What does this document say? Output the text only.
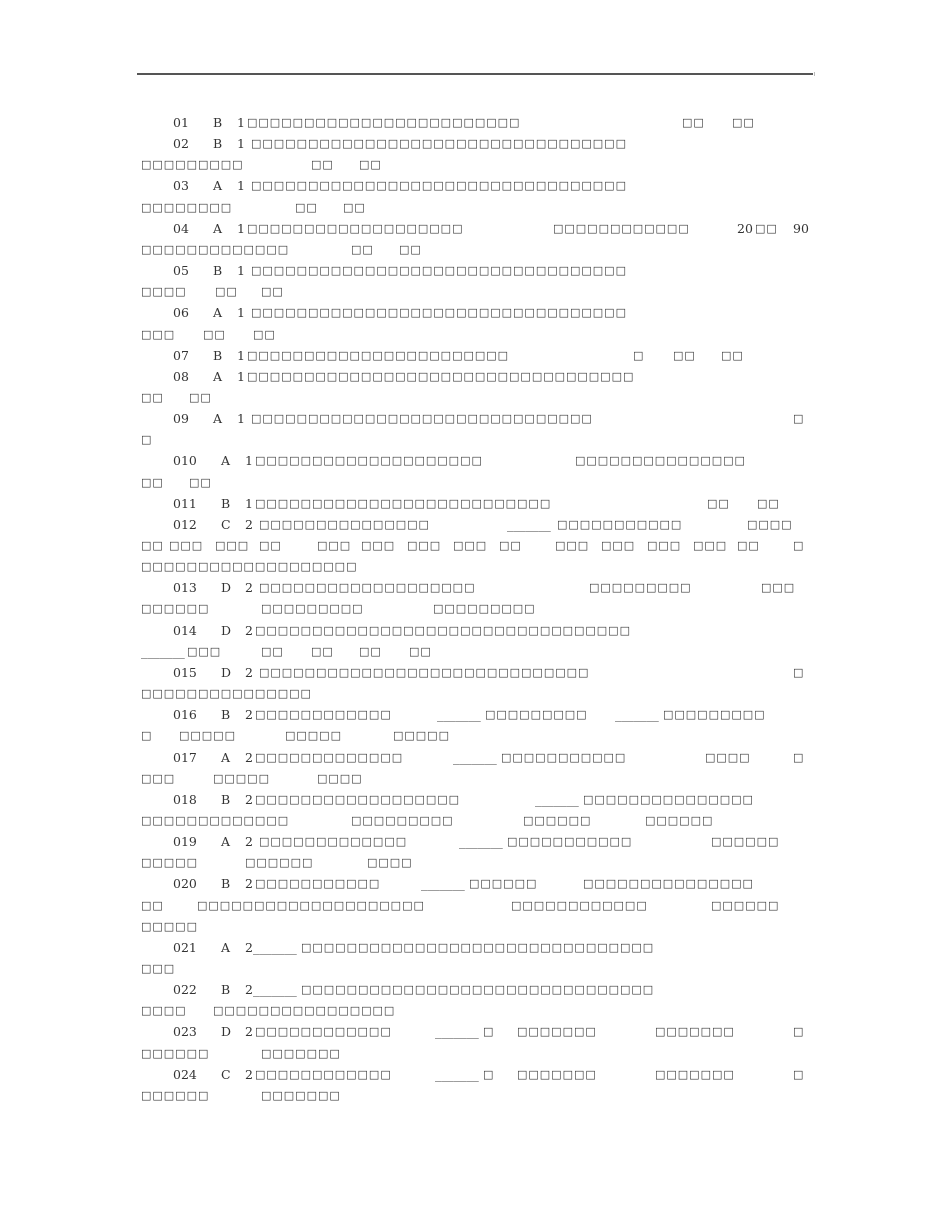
01 B 1 □□□□□□□□□□□□□□□□□□□□□□□□	□□ □□
02 B 1 □□□□□□□□□□□□□□□□□□□□□□□□□□□□□□□□□
□□□□□□□□□	□□ □□
03 A 1 □□□□□□□□□□□□□□□□□□□□□□□□□□□□□□□□□
□□□□□□□□	□□ □□
04 A 1 □□□□□□□□□□□□□□□□□□□	□□□□□□□□□□□□	20 □□ 90
□□□□□□□□□□□□□	□□ □□
05 B 1 □□□□□□□□□□□□□□□□□□□□□□□□□□□□□□□□□
□□□□	□□ □□
06 A 1 □□□□□□□□□□□□□□□□□□□□□□□□□□□□□□□□□
□□□	□□ □□
07 B 1 □□□□□□□□□□□□□□□□□□□□□□□	□	□□ □□
08 A 1 □□□□□□□□□□□□□□□□□□□□□□□□□□□□□□□□□□
□□ □□
09 A 1 □□□□□□□□□□□□□□□□□□□□□□□□□□□□□□	□
□
010 A 1 □□□□□□□□□□□□□□□□□□□□	□□□□□□□□□□□□□□□
□□ □□
011 B 1 □□□□□□□□□□□□□□□□□□□□□□□□□□	□□ □□
012 C 2 □□□□□□□□□□□□□□□	_______ □□□□□□□□□□□	□□□□
□□ □□□ □□□ □□	□□□ □□□ □□□ □□□ □□	□□□ □□□ □□□ □□□ □□	□
□□□□□□□□□□□□□□□□□□□
013 D 2 □□□□□□□□□□□□□□□□□□□	□□□□□□□□□	□□□
□□□□□□	□□□□□□□□□	□□□□□□□□□
014 D 2 □□□□□□□□□□□□□□□□□□□□□□□□□□□□□□□□□
_______ □□□	□□ □□ □□ □□
015 D 2 □□□□□□□□□□□□□□□□□□□□□□□□□□□□□	□
□□□□□□□□□□□□□□□
016 B 2 □□□□□□□□□□□□	_______ □□□□□□□□□ _______ □□□□□□□□□
□ □□□□□	□□□□□	□□□□□
017 A 2 □□□□□□□□□□□□□	_______ □□□□□□□□□□□	□□□□	□
□□□	□□□□□	□□□□
018 B 2 □□□□□□□□□□□□□□□□□□	_______ □□□□□□□□□□□□□□□
□□□□□□□□□□□□□	□□□□□□□□□	□□□□□□	□□□□□□
019 A 2 □□□□□□□□□□□□□	_______ □□□□□□□□□□□	□□□□□□
□□□□□	□□□□□□	□□□□
020 B 2 □□□□□□□□□□□	_______ □□□□□□	□□□□□□□□□□□□□□□
□□	□□□□□□□□□□□□□□□□□□□□	□□□□□□□□□□□□	□□□□□□
□□□□□
021 A 2 _______ □□□□□□□□□□□□□□□□□□□□□□□□□□□□□□□
□□□
022 B 2 _______ □□□□□□□□□□□□□□□□□□□□□□□□□□□□□□□
□□□□ □□□□□□□□□□□□□□□□
023 D 2 □□□□□□□□□□□□	_______ □ □□□□□□□	□□□□□□□	□
□□□□□□	□□□□□□□
024 C 2 □□□□□□□□□□□□	_______ □ □□□□□□□	□□□□□□□	□
□□□□□□	□□□□□□□
